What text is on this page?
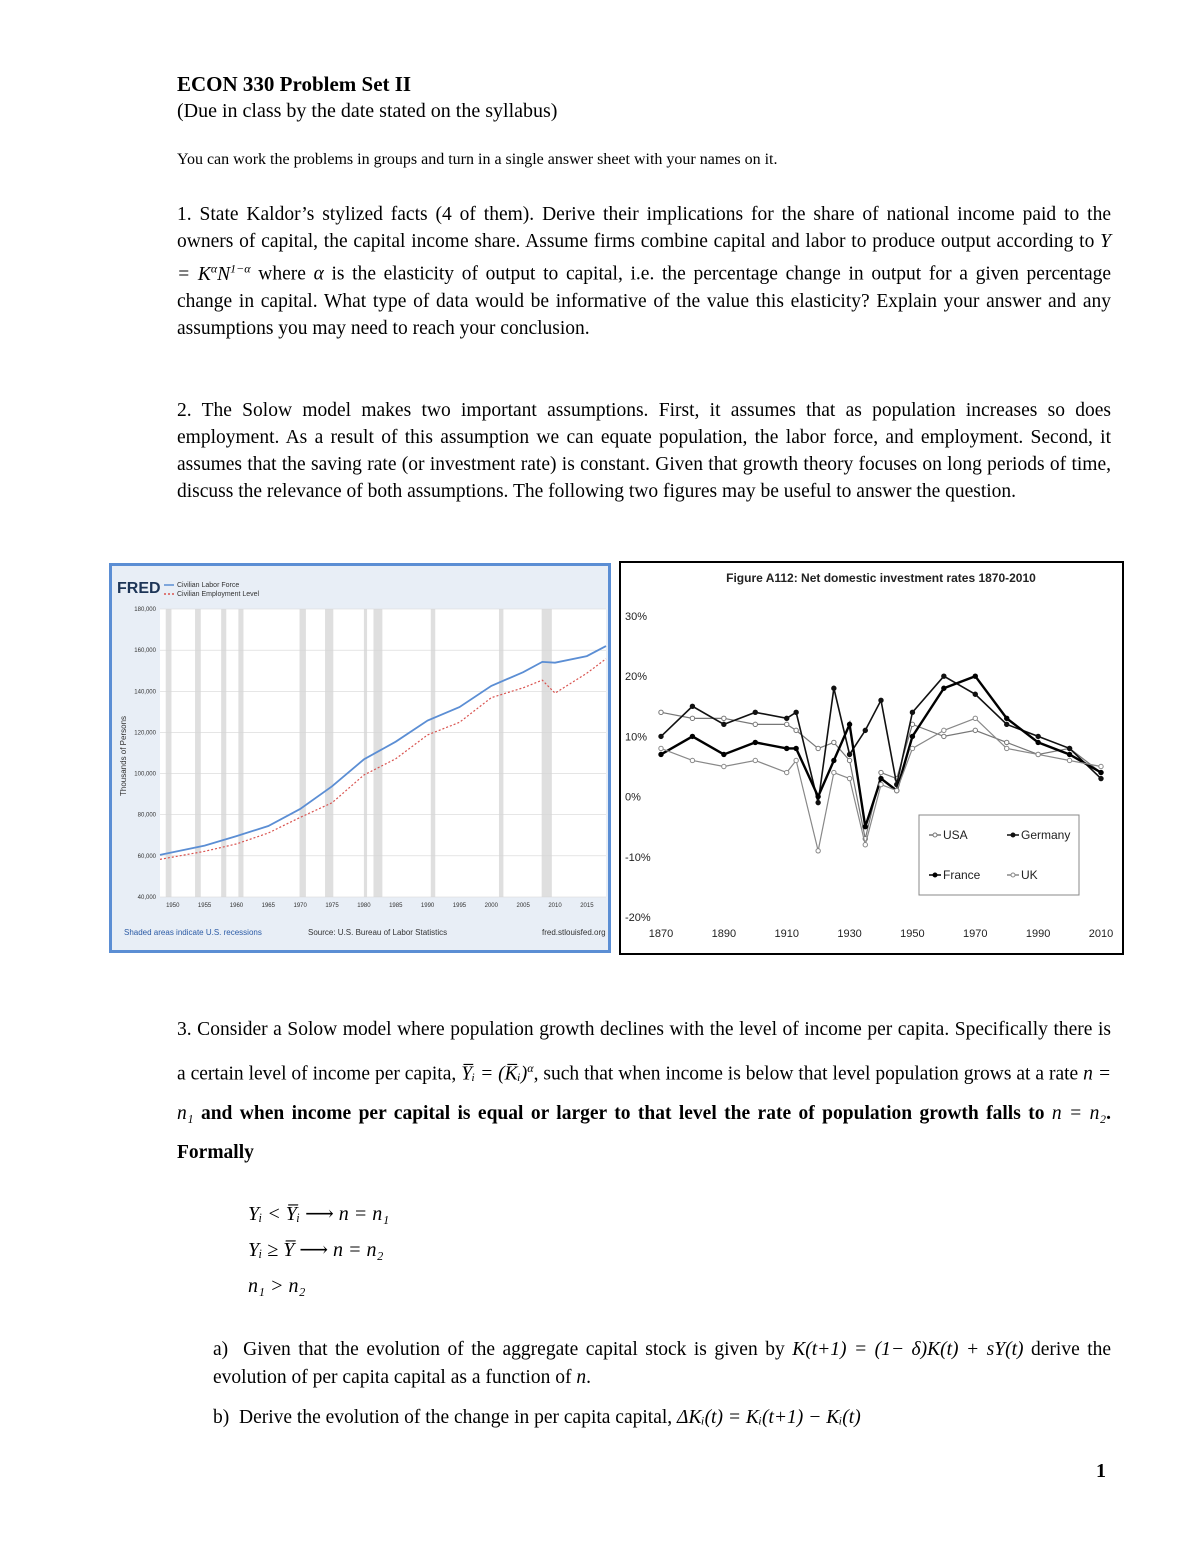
ECON 330 Problem Set II
(Due in class by the date stated on the syllabus)
You can work the problems in groups and turn in a single answer sheet with your names on it.
1. State Kaldor’s stylized facts (4 of them). Derive their implications for the share of national income paid to the owners of capital, the capital income share. Assume firms combine capital and labor to produce output according to $Y = K^\alpha N^{1-\alpha}$ where α is the elasticity of output to capital, i.e. the percentage change in output for a given percentage change in capital. What type of data would be informative of the value this elasticity? Explain your answer and any assumptions you may need to reach your conclusion.
2. The Solow model makes two important assumptions. First, it assumes that as population increases so does employment. As a result of this assumption we can equate population, the labor force, and employment. Second, it assumes that the saving rate (or investment rate) is constant. Given that growth theory focuses on long periods of time, discuss the relevance of both assumptions. The following two figures may be useful to answer the question.
FRED Civilian Labor Force
Civilian Employment Level
180,000
160,000
140,000
120,000
100,000
80,000
60,000
40,000
1950	1955	1960	1965	1970	1975	1980	1985	1990	1995	2000	2005	2010	2015
Thousands of Persons
Shaded areas indicate U.S. recessions	Source: U.S. Bureau of Labor Statistics	fred.stlouisfed.org
Figure A112: Net domestic investment rates 1870-2010
30%
20%
10%
0%
-10%
-20%
1870	1890	1910	1930	1950	1970	1990	2010
USA	Germany
France	UK
3. Consider a Solow model where population growth declines with the level of income per capita. Specifically there is a certain level of income per capita, Y̅ᵢ = (K̅ᵢ)$^\alpha$, such that when income is below that level population grows at a rate n = n₁ and when income per capital is equal or larger to that level the rate of population growth falls to n = n₂. Formally
Yᵢ < Y̅ᵢ ⟶ n = n₁
Yᵢ ≥ Y̅ ⟶ n = n₂
n₁ > n₂
a) Given that the evolution of the aggregate capital stock is given by K(t+1) = (1− δ)K(t) + sY(t) derive the evolution of per capita capital as a function of n.
b) Derive the evolution of the change in per capita capital, ΔKᵢ(t) = Kᵢ(t+1) − Kᵢ(t)
1
